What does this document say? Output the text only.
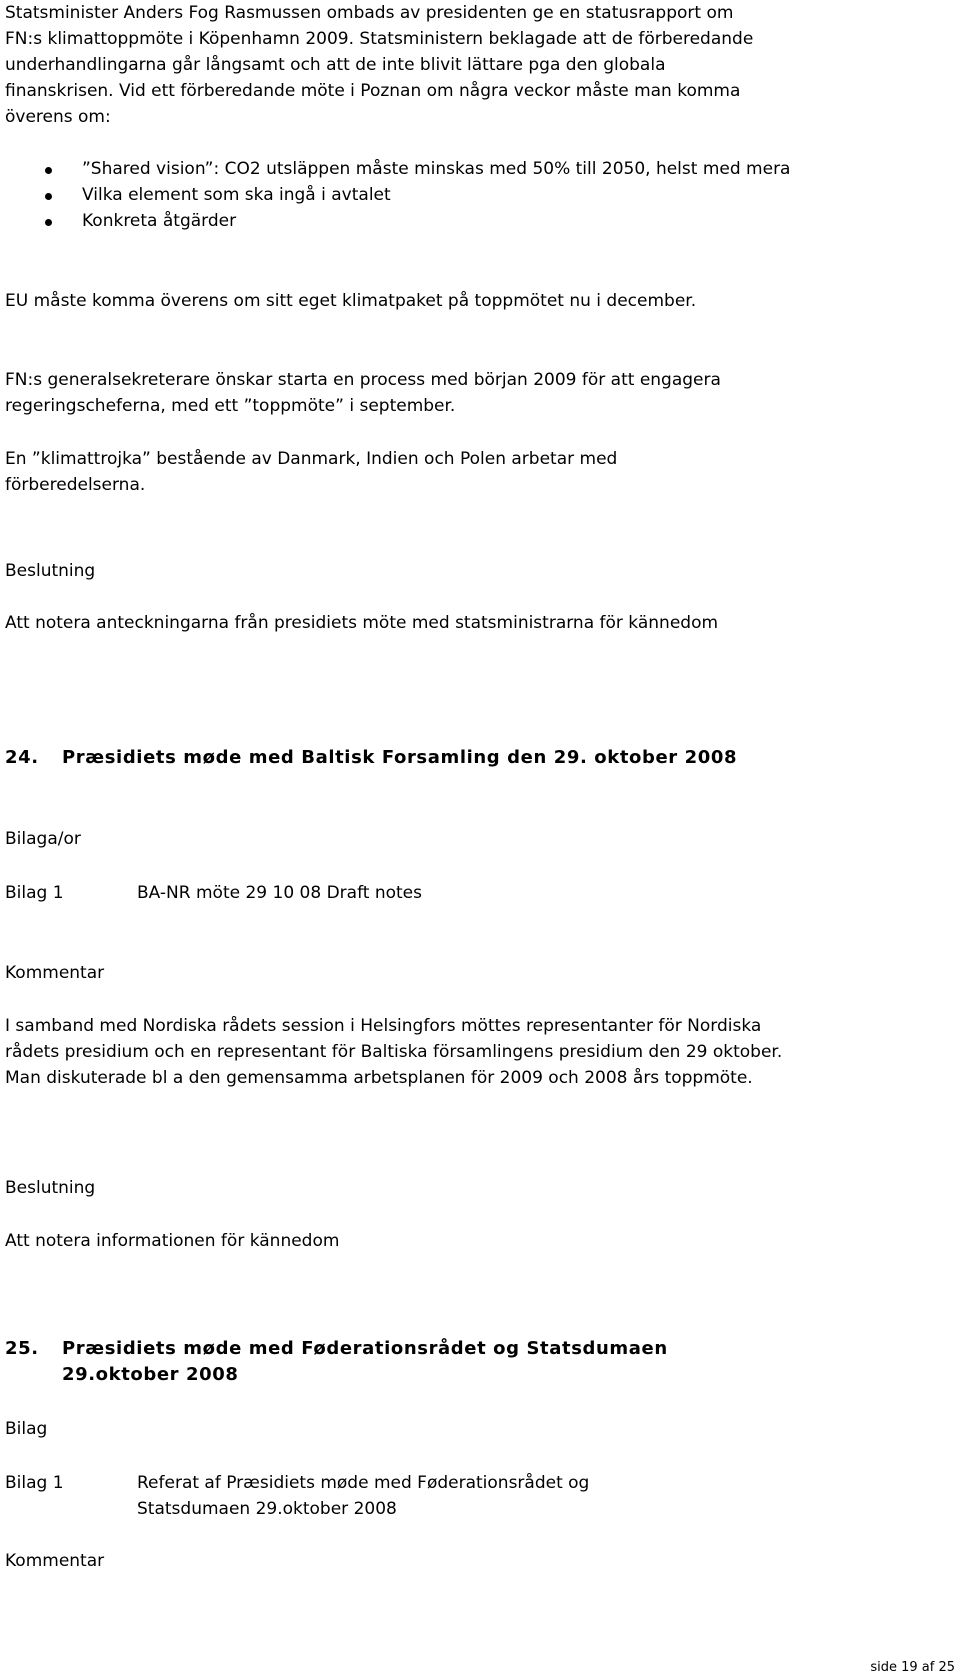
Statsminister Anders Fog Rasmussen ombads av presidenten ge en statusrapport om FN:s klimattoppmöte i Köpenhamn 2009. Statsministern beklagade att de förberedande underhandlingarna går långsamt och att de inte blivit lättare pga den globala finanskrisen. Vid ett förberedande möte i Poznan om några veckor måste man komma överens om:

”Shared vision”: CO2 utsläppen måste minskas med 50% till 2050, helst med mera
Vilka element som ska ingå i avtalet
Konkreta åtgärder

EU måste komma överens om sitt eget klimatpaket på toppmötet nu i december.

FN:s generalsekreterare önskar starta en process med början 2009 för att engagera regeringscheferna, med ett ”toppmöte” i september.

En ”klimattrojka” bestående av Danmark, Indien och Polen arbetar med förberedelserna.

Beslutning

Att notera anteckningarna från presidiets möte med statsministrarna för kännedom

24.	Præsidiets møde med Baltisk Forsamling den 29. oktober 2008
Bilaga/or
Bilag 1	BA-NR möte 29 10 08 Draft notes
Kommentar

I samband med Nordiska rådets session i Helsingfors möttes representanter för Nordiska rådets presidium och en representant för Baltiska församlingens presidium den 29 oktober. Man diskuterade bl a den gemensamma arbetsplanen för 2009 och 2008 års toppmöte.

Beslutning

Att notera informationen för kännedom

25.	Præsidiets møde med Føderationsrådet og Statsdumaen 29.oktober 2008
Bilag
Bilag 1	Referat af Præsidiets møde med Føderationsrådet og Statsdumaen 29.oktober 2008
Kommentar
side 19 af 25
